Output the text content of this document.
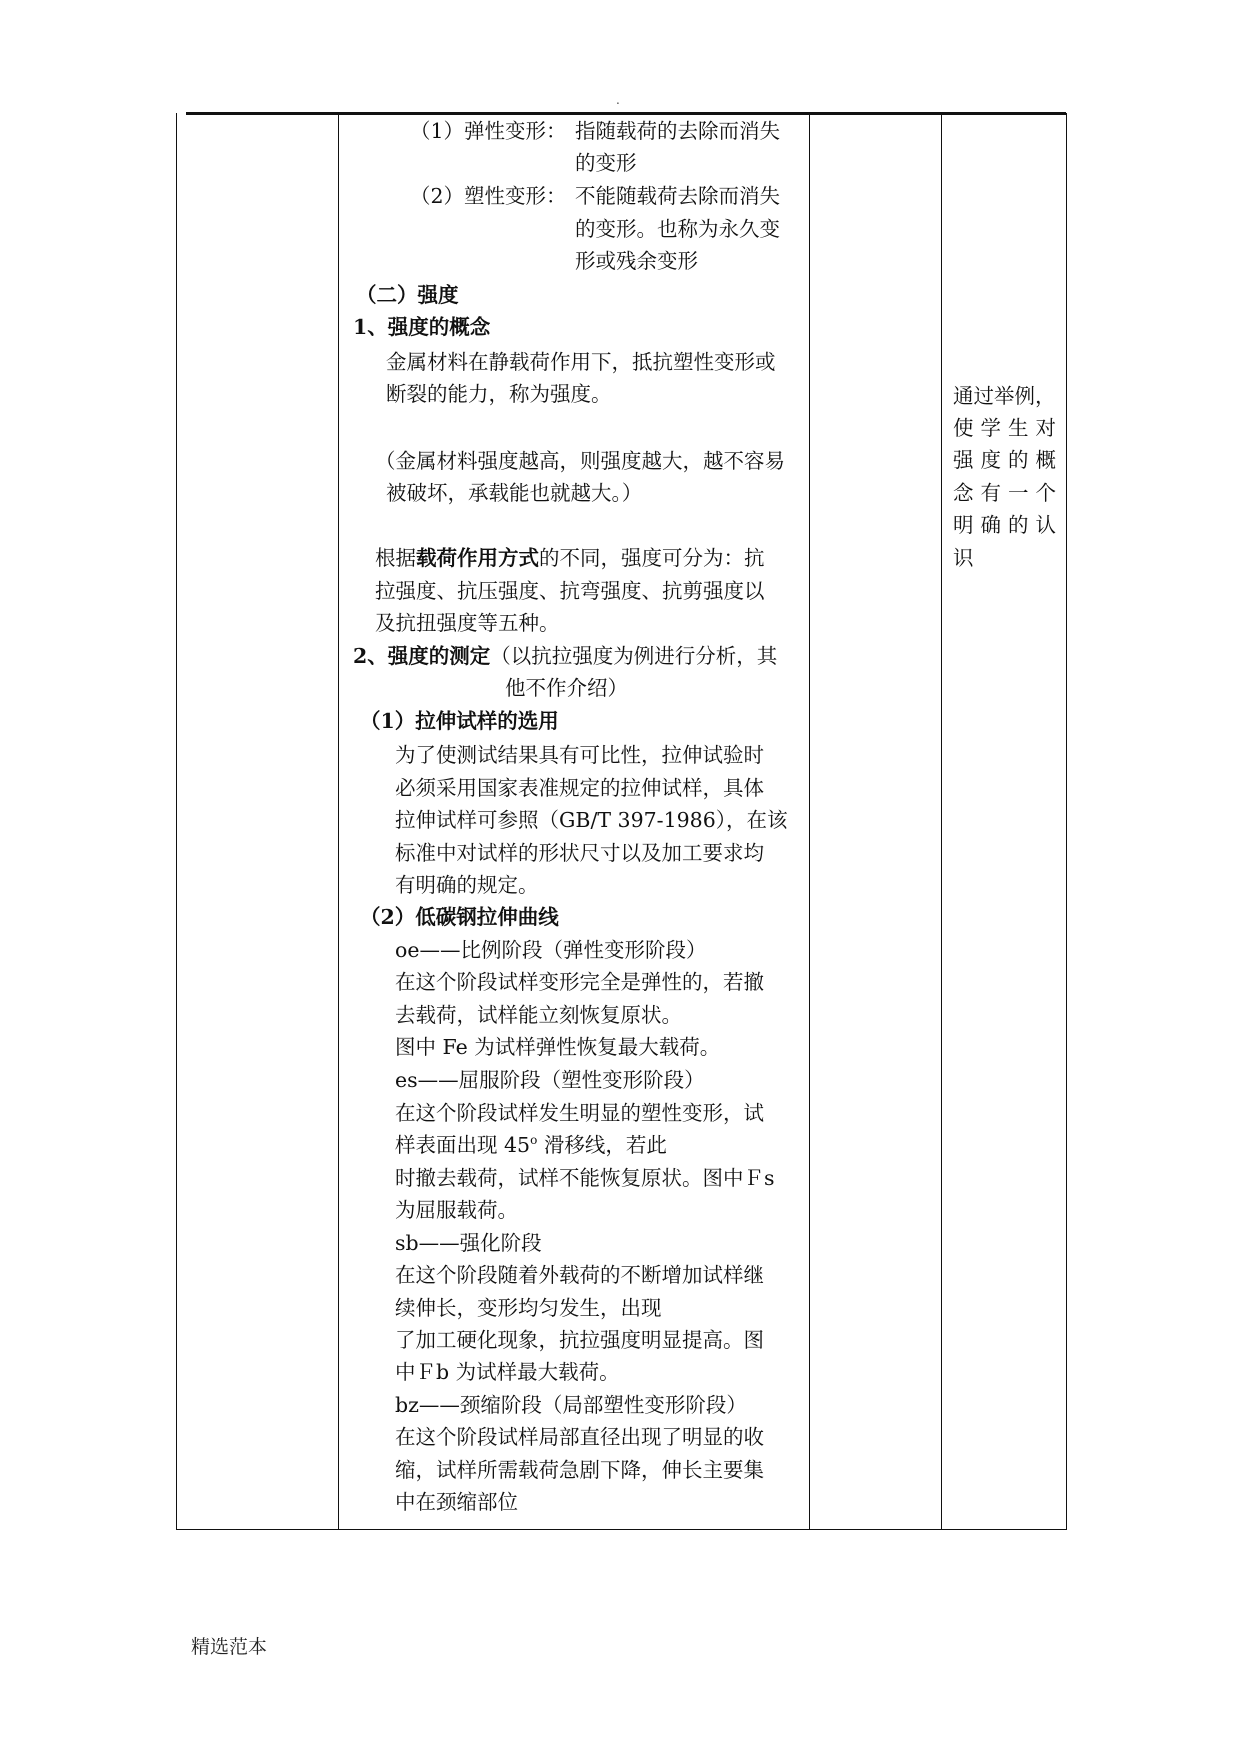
.
（1）弹性变形： 指随载荷的去除而消失
的变形
（2）塑性变形： 不能随载荷去除而消失
的变形。也称为永久变
形或残余变形
（二）强度
1、强度的概念
金属材料在静载荷作用下，抵抗塑性变形或
断裂的能力，称为强度。
（金属材料强度越高，则强度越大，越不容易
被破坏，承载能也就越大。）
根据载荷作用方式的不同，强度可分为：抗
拉强度、抗压强度、抗弯强度、抗剪强度以
及抗扭强度等五种。
2、强度的测定（以抗拉强度为例进行分析，其
他不作介绍）
（1）拉伸试样的选用
为了使测试结果具有可比性，拉伸试验时
必须采用国家表准规定的拉伸试样，具体
拉伸试样可参照（GB/T 397-1986），在该
标准中对试样的形状尺寸以及加工要求均
有明确的规定。
（2）低碳钢拉伸曲线
oe——比例阶段（弹性变形阶段）
在这个阶段试样变形完全是弹性的，若撤
去载荷，试样能立刻恢复原状。
图中 Fe 为试样弹性恢复最大载荷。
es——屈服阶段（塑性变形阶段）
在这个阶段试样发生明显的塑性变形，试
样表面出现 45$^o$ 滑移线，若此
时撤去载荷，试样不能恢复原状。图中Ｆs
为屈服载荷。
sb——强化阶段
在这个阶段随着外载荷的不断增加试样继
续伸长，变形均匀发生，出现
了加工硬化现象，抗拉强度明显提高。图
中Ｆb 为试样最大载荷。
bz——颈缩阶段（局部塑性变形阶段）
在这个阶段试样局部直径出现了明显的收
缩，试样所需载荷急剧下降，伸长主要集
中在颈缩部位
通过举例，
使学生对
强度的概
念有一个
明确的认
识
精选范本
